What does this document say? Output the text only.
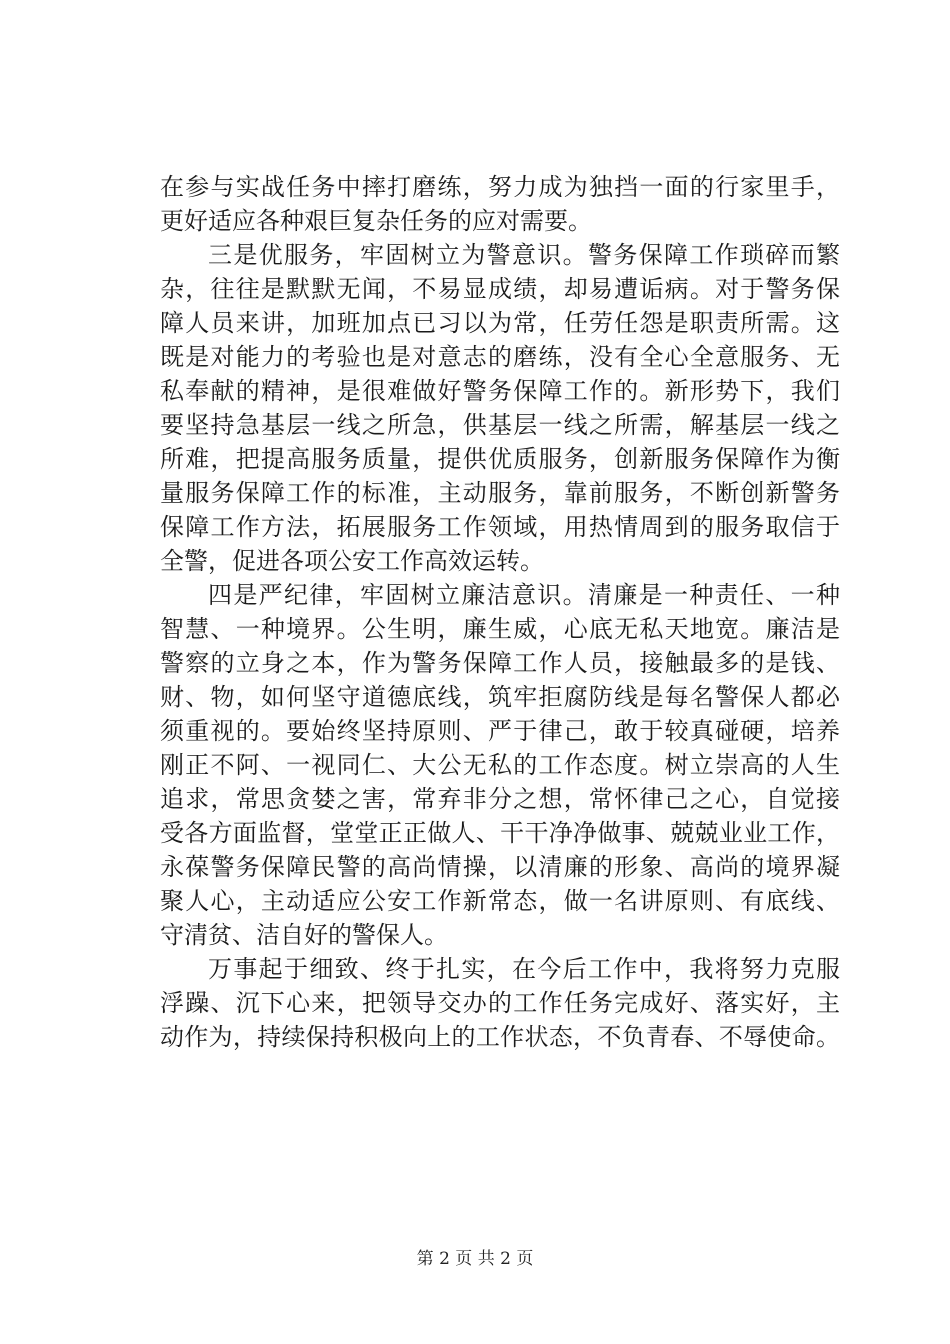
在参与实战任务中摔打磨练，努力成为独挡一面的行家里手，
更好适应各种艰巨复杂任务的应对需要。
三是优服务，牢固树立为警意识。警务保障工作琐碎而繁
杂，往往是默默无闻，不易显成绩，却易遭诟病。对于警务保
障人员来讲，加班加点已习以为常，任劳任怨是职责所需。这
既是对能力的考验也是对意志的磨练，没有全心全意服务、无
私奉献的精神，是很难做好警务保障工作的。新形势下，我们
要坚持急基层一线之所急，供基层一线之所需，解基层一线之
所难，把提高服务质量，提供优质服务，创新服务保障作为衡
量服务保障工作的标准，主动服务，靠前服务，不断创新警务
保障工作方法，拓展服务工作领域，用热情周到的服务取信于
全警，促进各项公安工作高效运转。
四是严纪律，牢固树立廉洁意识。清廉是一种责任、一种
智慧、一种境界。公生明，廉生威，心底无私天地宽。廉洁是
警察的立身之本，作为警务保障工作人员，接触最多的是钱、
财、物，如何坚守道德底线，筑牢拒腐防线是每名警保人都必
须重视的。要始终坚持原则、严于律己，敢于较真碰硬，培养
刚正不阿、一视同仁、大公无私的工作态度。树立崇高的人生
追求，常思贪婪之害，常弃非分之想，常怀律己之心，自觉接
受各方面监督，堂堂正正做人、干干净净做事、兢兢业业工作，
永葆警务保障民警的高尚情操，以清廉的形象、高尚的境界凝
聚人心，主动适应公安工作新常态，做一名讲原则、有底线、
守清贫、洁自好的警保人。
万事起于细致、终于扎实，在今后工作中，我将努力克服
浮躁、沉下心来，把领导交办的工作任务完成好、落实好，主
动作为，持续保持积极向上的工作状态，不负青春、不辱使命。
第 2 页 共 2 页
